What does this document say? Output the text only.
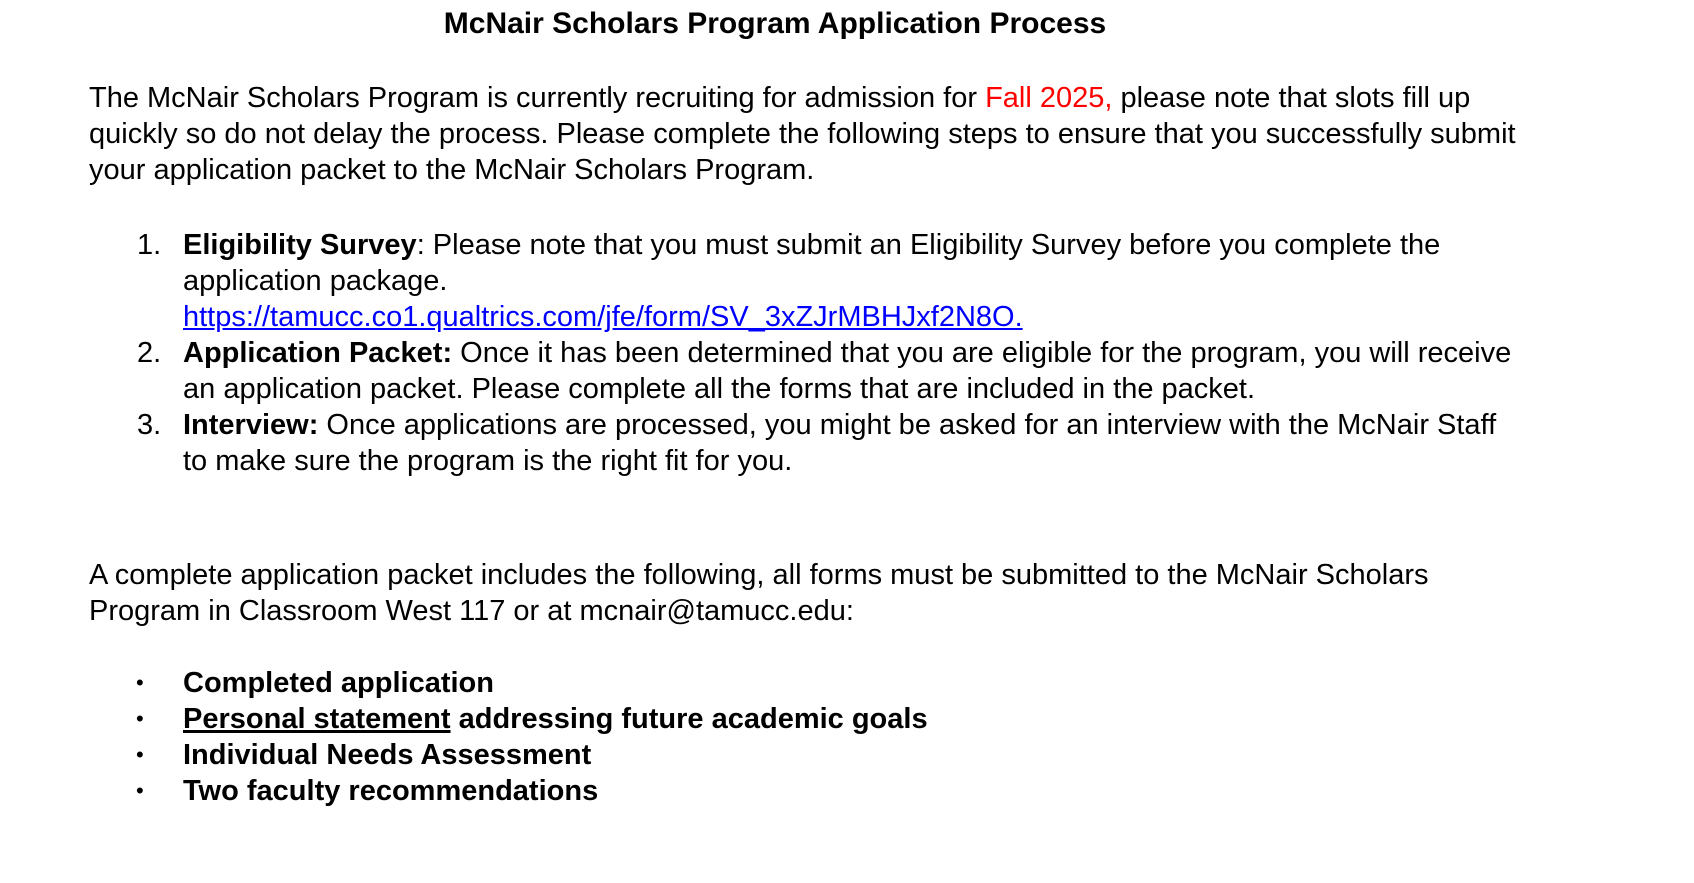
McNair Scholars Program Application Process
The McNair Scholars Program is currently recruiting for admission for Fall 2025, please note that slots fill up quickly so do not delay the process. Please complete the following steps to ensure that you successfully submit your application packet to the McNair Scholars Program.
1. Eligibility Survey: Please note that you must submit an Eligibility Survey before you complete the application package.
https://tamucc.co1.qualtrics.com/jfe/form/SV_3xZJrMBHJxf2N8O.
2. Application Packet: Once it has been determined that you are eligible for the program, you will receive an application packet. Please complete all the forms that are included in the packet.
3. Interview: Once applications are processed, you might be asked for an interview with the McNair Staff to make sure the program is the right fit for you.
A complete application packet includes the following, all forms must be submitted to the McNair Scholars Program in Classroom West 117 or at mcnair@tamucc.edu:
• Completed application
• Personal statement addressing future academic goals
• Individual Needs Assessment
• Two faculty recommendations
